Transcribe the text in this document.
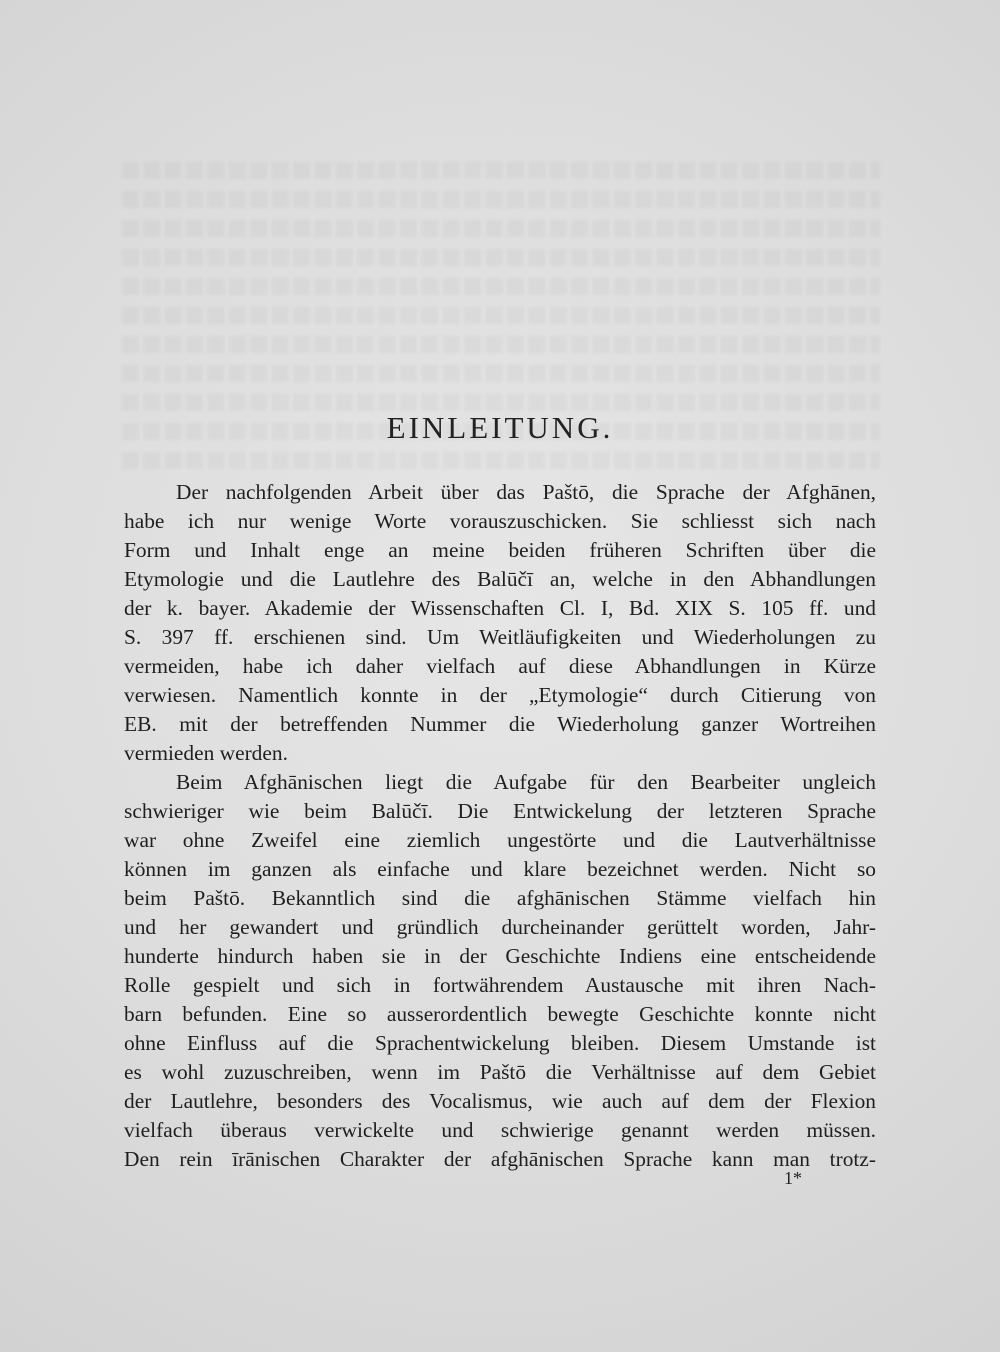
EINLEITUNG.
Der nachfolgenden Arbeit über das Paštō, die Sprache der Afghānen,
habe ich nur wenige Worte vorauszuschicken. Sie schliesst sich nach
Form und Inhalt enge an meine beiden früheren Schriften über die
Etymologie und die Lautlehre des Balūčī an, welche in den Abhandlungen
der k. bayer. Akademie der Wissenschaften Cl. I, Bd. XIX S. 105 ff. und
S. 397 ff. erschienen sind. Um Weitläufigkeiten und Wiederholungen zu
vermeiden, habe ich daher vielfach auf diese Abhandlungen in Kürze
verwiesen. Namentlich konnte in der „Etymologie“ durch Citierung von
EB. mit der betreffenden Nummer die Wiederholung ganzer Wortreihen
vermieden werden.
Beim Afghānischen liegt die Aufgabe für den Bearbeiter ungleich
schwieriger wie beim Balūčī. Die Entwickelung der letzteren Sprache
war ohne Zweifel eine ziemlich ungestörte und die Lautverhältnisse
können im ganzen als einfache und klare bezeichnet werden. Nicht so
beim Paštō. Bekanntlich sind die afghānischen Stämme vielfach hin
und her gewandert und gründlich durcheinander gerüttelt worden, Jahr-
hunderte hindurch haben sie in der Geschichte Indiens eine entscheidende
Rolle gespielt und sich in fortwährendem Austausche mit ihren Nach-
barn befunden. Eine so ausserordentlich bewegte Geschichte konnte nicht
ohne Einfluss auf die Sprachentwickelung bleiben. Diesem Umstande ist
es wohl zuzuschreiben, wenn im Paštō die Verhältnisse auf dem Gebiet
der Lautlehre, besonders des Vocalismus, wie auch auf dem der Flexion
vielfach überaus verwickelte und schwierige genannt werden müssen.
Den rein īrānischen Charakter der afghānischen Sprache kann man trotz-
1*
